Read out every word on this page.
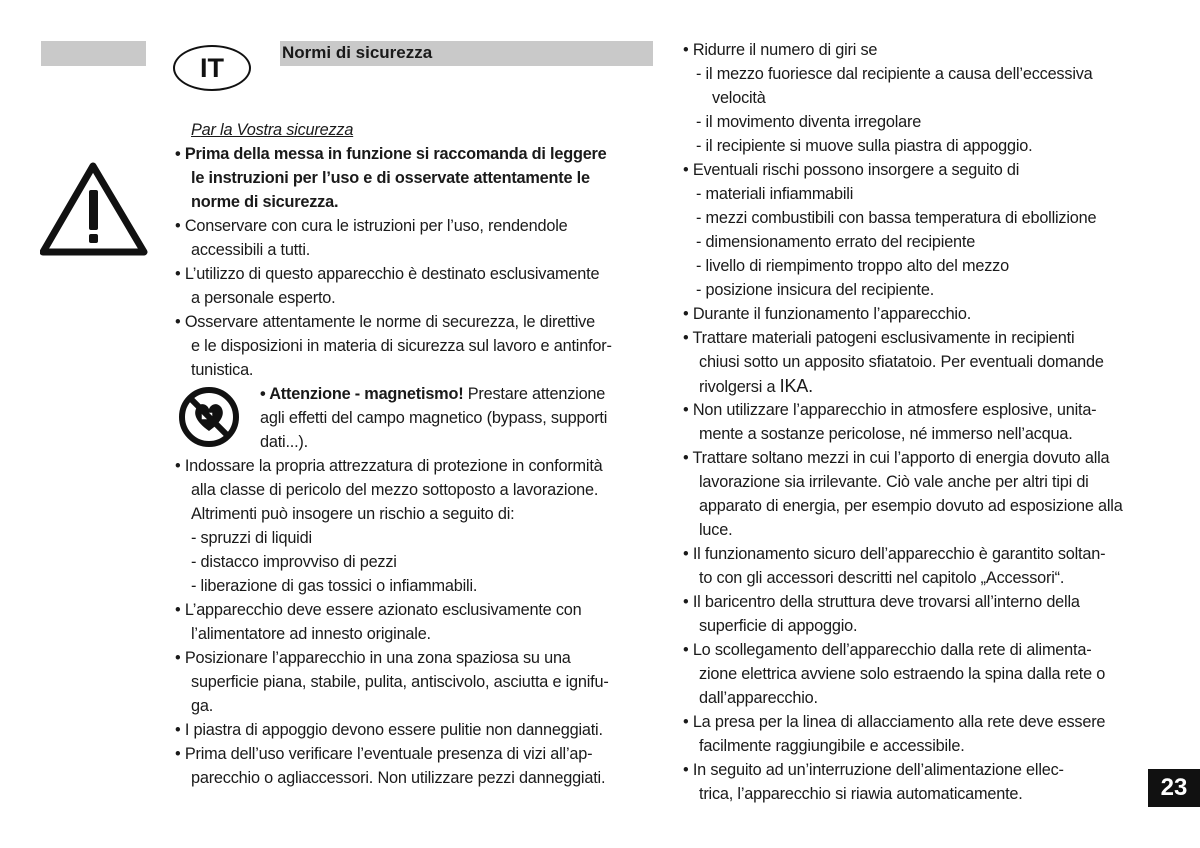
IT	Normi di sicurezza
Par la Vostra sicurezza
• Prima della messa in funzione si raccomanda di leggere
le instruzioni per l’uso e di osservate attentamente le
norme di sicurezza.
• Conservare con cura le istruzioni per l’uso, rendendole
accessibili a tutti.
• L’utilizzo di questo apparecchio è destinato esclusivamente
a personale esperto.
• Osservare attentamente le norme di securezza, le direttive
e le disposizioni in materia di sicurezza sul lavoro e antinfor-
tunistica.
• Attenzione - magnetismo! Prestare attenzione
agli effetti del campo magnetico (bypass, supporti
dati...).
• Indossare la propria attrezzatura di protezione in conformità
alla classe di pericolo del mezzo sottoposto a lavorazione.
Altrimenti può insogere un rischio a seguito di:
- spruzzi di liquidi
- distacco improvviso di pezzi
- liberazione di gas tossici o infiammabili.
• L’apparecchio deve essere azionato esclusivamente con
l’alimentatore ad innesto originale.
• Posizionare l’apparecchio in una zona spaziosa su una
superficie piana, stabile, pulita, antiscivolo, asciutta e ignifu-
ga.
• I piastra di appoggio devono essere pulitie non danneggiati.
• Prima dell’uso verificare l’eventuale presenza di vizi all’ap-
parecchio o agliaccessori. Non utilizzare pezzi danneggiati.
• Ridurre il numero di giri se
- il mezzo fuoriesce dal recipiente a causa dell’eccessiva
velocità
- il movimento diventa irregolare
- il recipiente si muove sulla piastra di appoggio.
• Eventuali rischi possono insorgere a seguito di
- materiali infiammabili
- mezzi combustibili con bassa temperatura di ebollizione
- dimensionamento errato del recipiente
- livello di riempimento troppo alto del mezzo
- posizione insicura del recipiente.
• Durante il funzionamento l’apparecchio.
• Trattare materiali patogeni esclusivamente in recipienti
chiusi sotto un apposito sfiatatoio. Per eventuali domande
rivolgersi a IKA.
• Non utilizzare l’apparecchio in atmosfere esplosive, unita-
mente a sostanze pericolose, né immerso nell’acqua.
• Trattare soltano mezzi in cui l’apporto di energia dovuto alla
lavorazione sia irrilevante. Ciò vale anche per altri tipi di
apparato di energia, per esempio dovuto ad esposizione alla
luce.
• Il funzionamento sicuro dell’apparecchio è garantito soltan-
to con gli accessori descritti nel capitolo „Accessori“.
• Il baricentro della struttura deve trovarsi all’interno della
superficie di appoggio.
• Lo scollegamento dell’apparecchio dalla rete di alimenta-
zione elettrica avviene solo estraendo la spina dalla rete o
dall’apparecchio.
• La presa per la linea di allacciamento alla rete deve essere
facilmente raggiungibile e accessibile.
• In seguito ad un’interruzione dell’alimentazione ellec-
trica, l’apparecchio si riawia automaticamente.	23
